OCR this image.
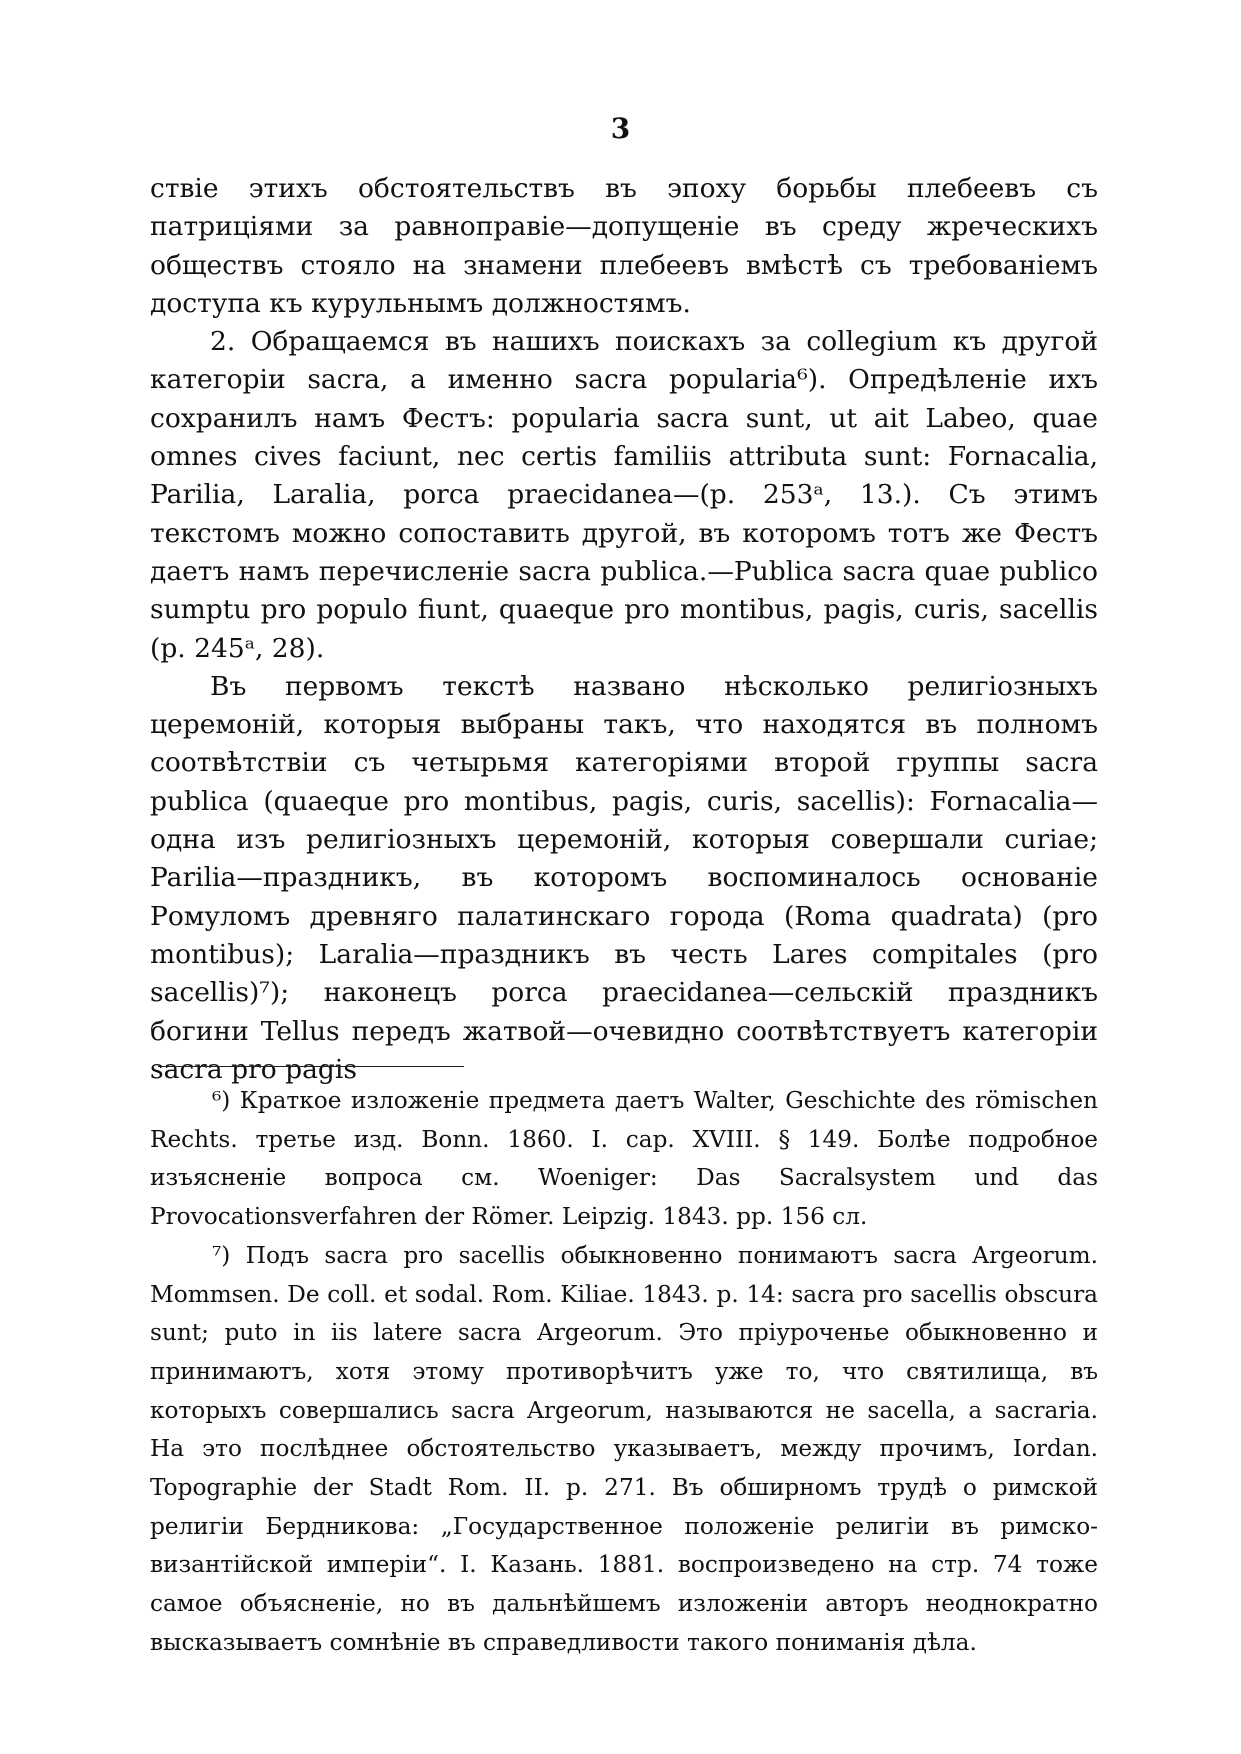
3

ствіе этихъ обстоятельствъ въ эпоху борьбы плебеевъ съ патриціями за равноправіе—допущеніе въ среду жреческихъ обществъ стояло на знамени плебеевъ вмѣстѣ съ требованіемъ доступа къ курульнымъ должностямъ.

2. Обращаемся въ нашихъ поискахъ за collegium къ другой категоріи sacra, а именно sacra popularia⁶). Опредѣленіе ихъ сохранилъ намъ Фестъ: popularia sacra sunt, ut ait Labeo, quae omnes cives faciunt, nec certis familiis attributa sunt: Fornacalia, Parilia, Laralia, porca praecidanea—(p. 253ᵃ, 13.). Съ этимъ текстомъ можно сопоставить другой, въ которомъ тотъ же Фестъ даетъ намъ перечисленіе sacra publica.—Publica sacra quae publico sumptu pro populo fiunt, quaeque pro montibus, pagis, curis, sacellis (p. 245ᵃ, 28).

Въ первомъ текстѣ названо нѣсколько религіозныхъ церемоній, которыя выбраны такъ, что находятся въ полномъ соотвѣтствіи съ четырьмя категоріями второй группы sacra publica (quaeque pro montibus, pagis, curis, sacellis): Fornacalia—одна изъ религіозныхъ церемоній, которыя совершали curiae; Parilia—праздникъ, въ которомъ воспоминалось основаніе Ромуломъ древняго палатинскаго города (Roma quadrata) (pro montibus); Laralia—праздникъ въ честь Lares compitales (pro sacellis)⁷); наконецъ porca praecidanea—сельскій праздникъ богини Tellus передъ жатвой—очевидно соотвѣтствуетъ категоріи sacra pro pagis

⁶) Краткое изложеніе предмета даетъ Walter, Geschichte des römischen Rechts. третье изд. Bonn. 1860. I. cap. XVIII. § 149. Болѣе подробное изъясненіе вопроса см. Woeniger: Das Sacralsystem und das Provocationsverfahren der Römer. Leipzig. 1843. pp. 156 сл.

⁷) Подъ sacra pro sacellis обыкновенно понимаютъ sacra Argeorum. Mommsen. De coll. et sodal. Rom. Kiliae. 1843. p. 14: sacra pro sacellis obscura sunt; puto in iis latere sacra Argeorum. Это пріуроченье обыкновенно и принимаютъ, хотя этому противорѣчитъ уже то, что святилища, въ которыхъ совершались sacra Argeorum, называются не sacella, а sacraria. На это послѣднее обстоятельство указываетъ, между прочимъ, Iordan. Topographie der Stadt Rom. II. p. 271. Въ обширномъ трудѣ о римской религіи Бердникова: „Государственное положеніе религіи въ римско-византійской имперіи“. I. Казань. 1881. воспроизведено на стр. 74 тоже самое объясненіе, но въ дальнѣйшемъ изложеніи авторъ неоднократно высказываетъ сомнѣніе въ справедливости такого пониманія дѣла.
